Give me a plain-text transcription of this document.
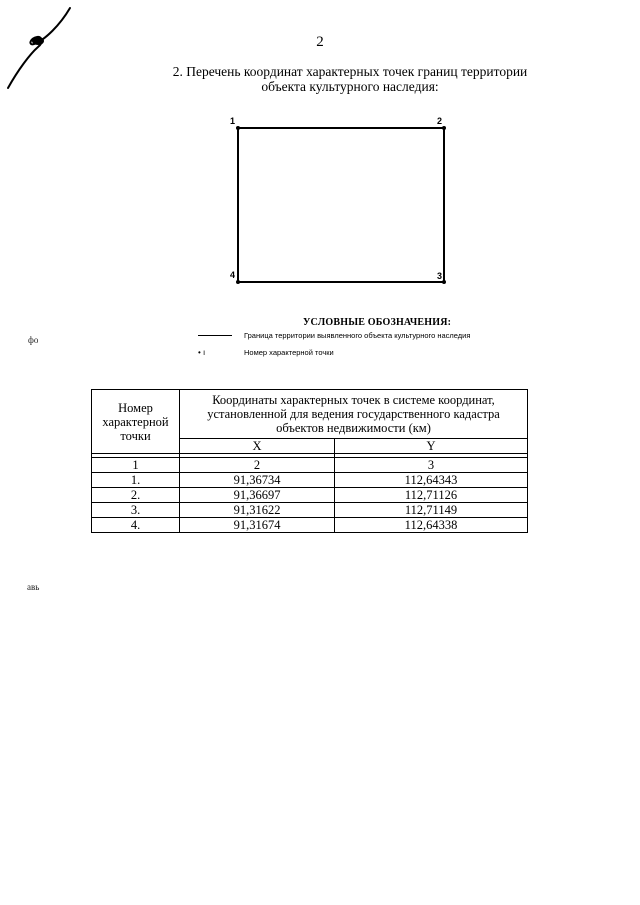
2
2. Перечень координат характерных точек границ территории
объекта культурного наследия:
1	2
3
4
УСЛОВНЫЕ ОБОЗНАЧЕНИЯ:
Граница территории выявленного объекта культурного наследия
• ı	Номер характерной точки
фо
авь
Номер характерной точки	Координаты характерных точек в системе координат, установленной для ведения государственного кадастра объектов недвижимости (км)	
	X	Y

1	2	3
1.	91,36734	112,64343
2.	91,36697	112,71126
3.	91,31622	112,71149
4.	91,31674	112,64338
